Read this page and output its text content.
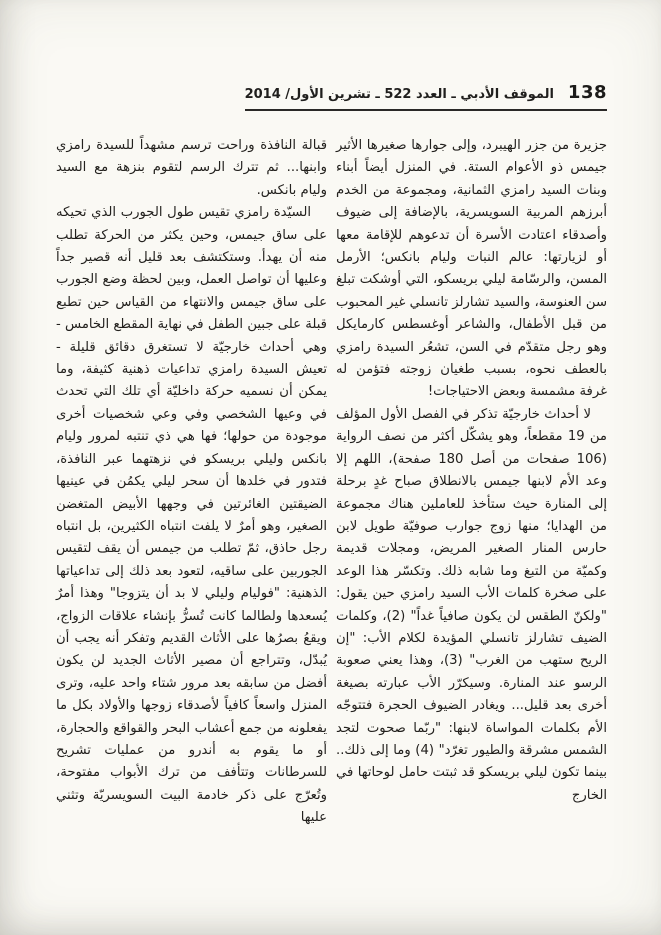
138
الموقف الأدبي ـ العدد 522 ـ تشرين الأول/ 2014

جزيرة من جزر الهيبرد، وإلى جوارها صغيرها الأثير جيمس ذو الأعوام الستة. في المنزل أيضاً أبناء وبنات السيد رامزي الثمانية، ومجموعة من الخدم أبرزهم المربية السويسرية، بالإضافة إلى ضيوف وأصدقاء اعتادت الأسرة أن تدعوهم للإقامة معها أو لزيارتها: عالم النبات وليام بانكس؛ الأرمل المسن، والرسّامة ليلي بريسكو، التي أوشكت تبلغ سن العنوسة، والسيد تشارلز تانسلي غير المحبوب من قبل الأطفال، والشاعر أوغسطس كارمايكل وهو رجل متقدّم في السن، تشعُر السيدة رامزي بالعطف نحوه، بسبب طغيان زوجته فتؤمن له غرفة مشمسة وبعض الاحتياجات!

لا أحداث خارجيّة تذكر في الفصل الأول المؤلف من 19 مقطعاً، وهو يشكّل أكثر من نصف الرواية (106 صفحات من أصل 180 صفحة)، اللهم إلا وعد الأم لابنها جيمس بالانطلاق صباح غدٍ برحلة إلى المنارة حيث ستأخذ للعاملين هناك مجموعة من الهدايا؛ منها زوج جوارب صوفيّة طويل لابن حارس المنار الصغير المريض، ومجلات قديمة وكميّة من التبغ وما شابه ذلك. وتكسّر هذا الوعد على صخرة كلمات الأب السيد رامزي حين يقول: "ولكنّ الطقس لن يكون صافياً غداً" (2)، وكلمات الضيف تشارلز تانسلي المؤيدة لكلام الأب: "إن الريح ستهب من الغرب" (3)، وهذا يعني صعوبة الرسو عند المنارة. وسيكرّر الأب عبارته بصيغة أخرى بعد قليل... ويغادر الضيوف الحجرة فتتوجّه الأم بكلمات المواساة لابنها: "ربّما صحوت لتجد الشمس مشرقة والطيور تغرّد" (4) وما إلى ذلك.. بينما تكون ليلي بريسكو قد ثبتت حامل لوحاتها في الخارج

قبالة النافذة وراحت ترسم مشهداً للسيدة رامزي وابنها... ثم تترك الرسم لتقوم بنزهة مع السيد وليام بانكس.

السيّدة رامزي تقيس طول الجورب الذي تحيكه على ساق جيمس، وحين يكثر من الحركة تطلب منه أن يهدأ. وستكتشف بعد قليل أنه قصير جداً وعليها أن تواصل العمل، وبين لحظة وضع الجورب على ساق جيمس والانتهاء من القياس حين تطبع قبلة على جبين الطفل في نهاية المقطع الخامس - وهي أحداث خارجيّة لا تستغرق دقائق قليلة - تعيش السيدة رامزي تداعيات ذهنية كثيفة، وما يمكن أن نسميه حركة داخليّة أي تلك التي تحدث في وعيها الشخصي وفي وعي شخصيات أخرى موجودة من حولها؛ فها هي ذي تنتبه لمرور وليام بانكس وليلي بريسكو في نزهتهما عبر النافذة، فتدور في خلدها أن سحر ليلي يكمُن في عينيها الضيقتين الغائرتين في وجهها الأبيض المتغضن الصغير، وهو أمرٌ لا يلفت انتباه الكثيرين، بل انتباه رجل حاذق، ثمّ تطلب من جيمس أن يقف لتقيس الجوربين على ساقيه، لتعود بعد ذلك إلى تداعياتها الذهنية: "فوليام وليلي لا بد أن يتزوجا" وهذا أمرٌ يُسعدها ولطالما كانت تُسرُّ بإنشاء علاقات الزواج، ويقعُ بصرُها على الأثاث القديم وتفكر أنه يجب أن يُبدّل، وتتراجع أن مصير الأثاث الجديد لن يكون أفضل من سابقه بعد مرور شتاء واحد عليه، وترى المنزل واسعاً كافياً لأصدقاء زوجها والأولاد بكل ما يفعلونه من جمع أعشاب البحر والقواقع والحجارة، أو ما يقوم به أندرو من عمليات تشريح للسرطانات وتتأفف من ترك الأبواب مفتوحة، وتُعرّج على ذكر خادمة البيت السويسريّة وتثني عليها
